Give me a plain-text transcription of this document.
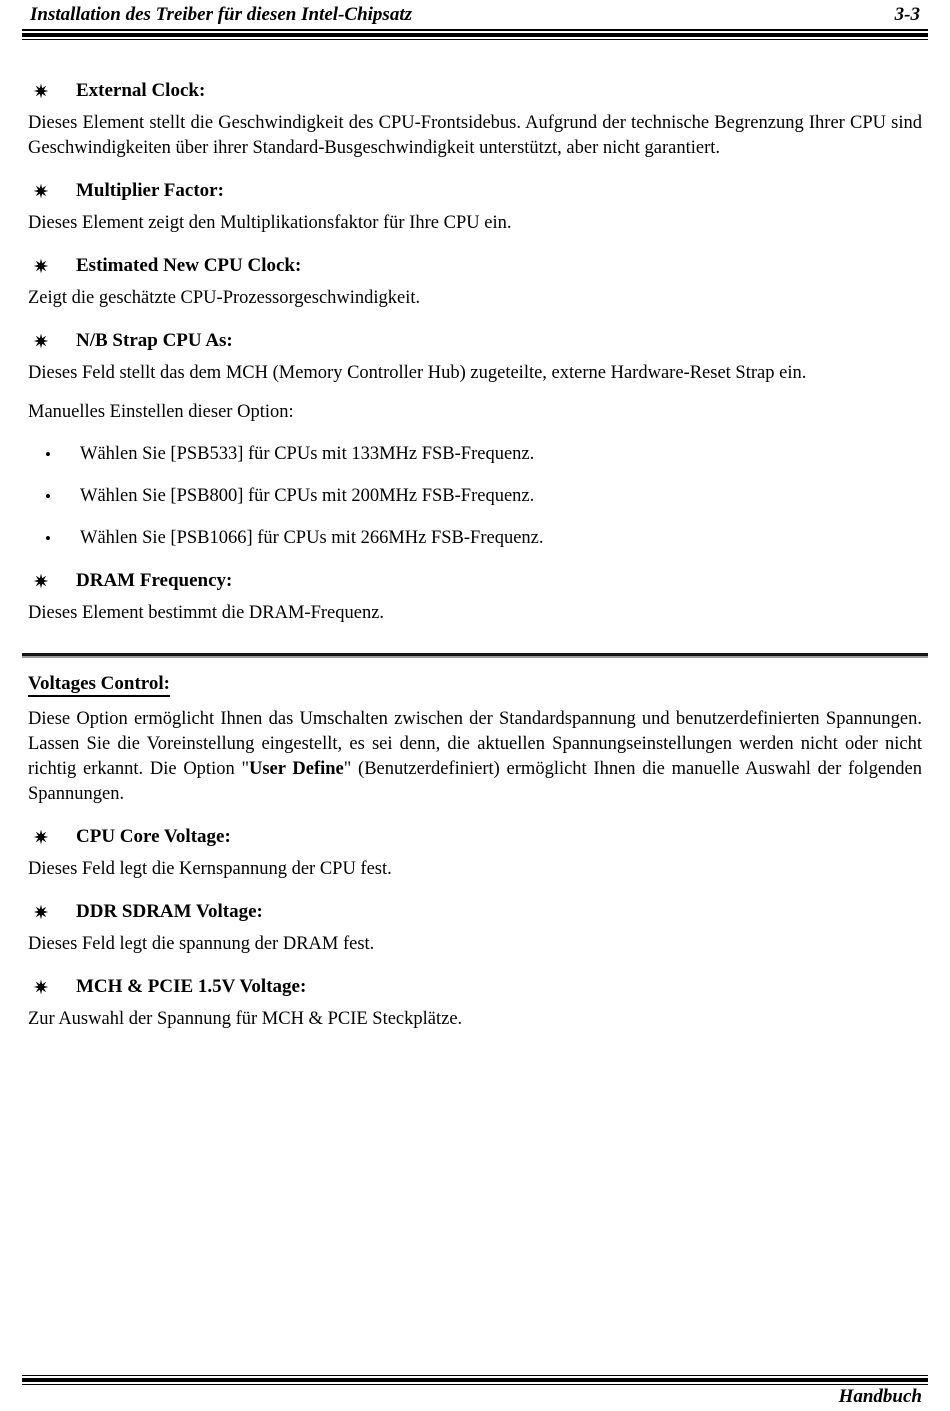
Installation des Treiber für diesen Intel-Chipsatz	3-3
External Clock:

Dieses Element stellt die Geschwindigkeit des CPU-Frontsidebus. Aufgrund der technische Begrenzung Ihrer CPU sind Geschwindigkeiten über ihrer Standard-Busgeschwindigkeit unterstützt, aber nicht garantiert.

Multiplier Factor:

Dieses Element zeigt den Multiplikationsfaktor für Ihre CPU ein.

Estimated New CPU Clock:

Zeigt die geschätzte CPU-Prozessorgeschwindigkeit.

N/B Strap CPU As:

Dieses Feld stellt das dem MCH (Memory Controller Hub) zugeteilte, externe Hardware-Reset Strap ein.

Manuelles Einstellen dieser Option:

•	Wählen Sie [PSB533] für CPUs mit 133MHz FSB-Frequenz.
•	Wählen Sie [PSB800] für CPUs mit 200MHz FSB-Frequenz.
•	Wählen Sie [PSB1066] für CPUs mit 266MHz FSB-Frequenz.
DRAM Frequency:

Dieses Element bestimmt die DRAM-Frequenz.

Voltages Control:

Diese Option ermöglicht Ihnen das Umschalten zwischen der Standardspannung und benutzerdefinierten Spannungen. Lassen Sie die Voreinstellung eingestellt, es sei denn, die aktuellen Spannungseinstellungen werden nicht oder nicht richtig erkannt. Die Option "User Define" (Benutzerdefiniert) ermöglicht Ihnen die manuelle Auswahl der folgenden Spannungen.

CPU Core Voltage:

Dieses Feld legt die Kernspannung der CPU fest.

DDR SDRAM Voltage:

Dieses Feld legt die spannung der DRAM fest.

MCH & PCIE 1.5V Voltage:

Zur Auswahl der Spannung für MCH & PCIE Steckplätze.

Handbuch
